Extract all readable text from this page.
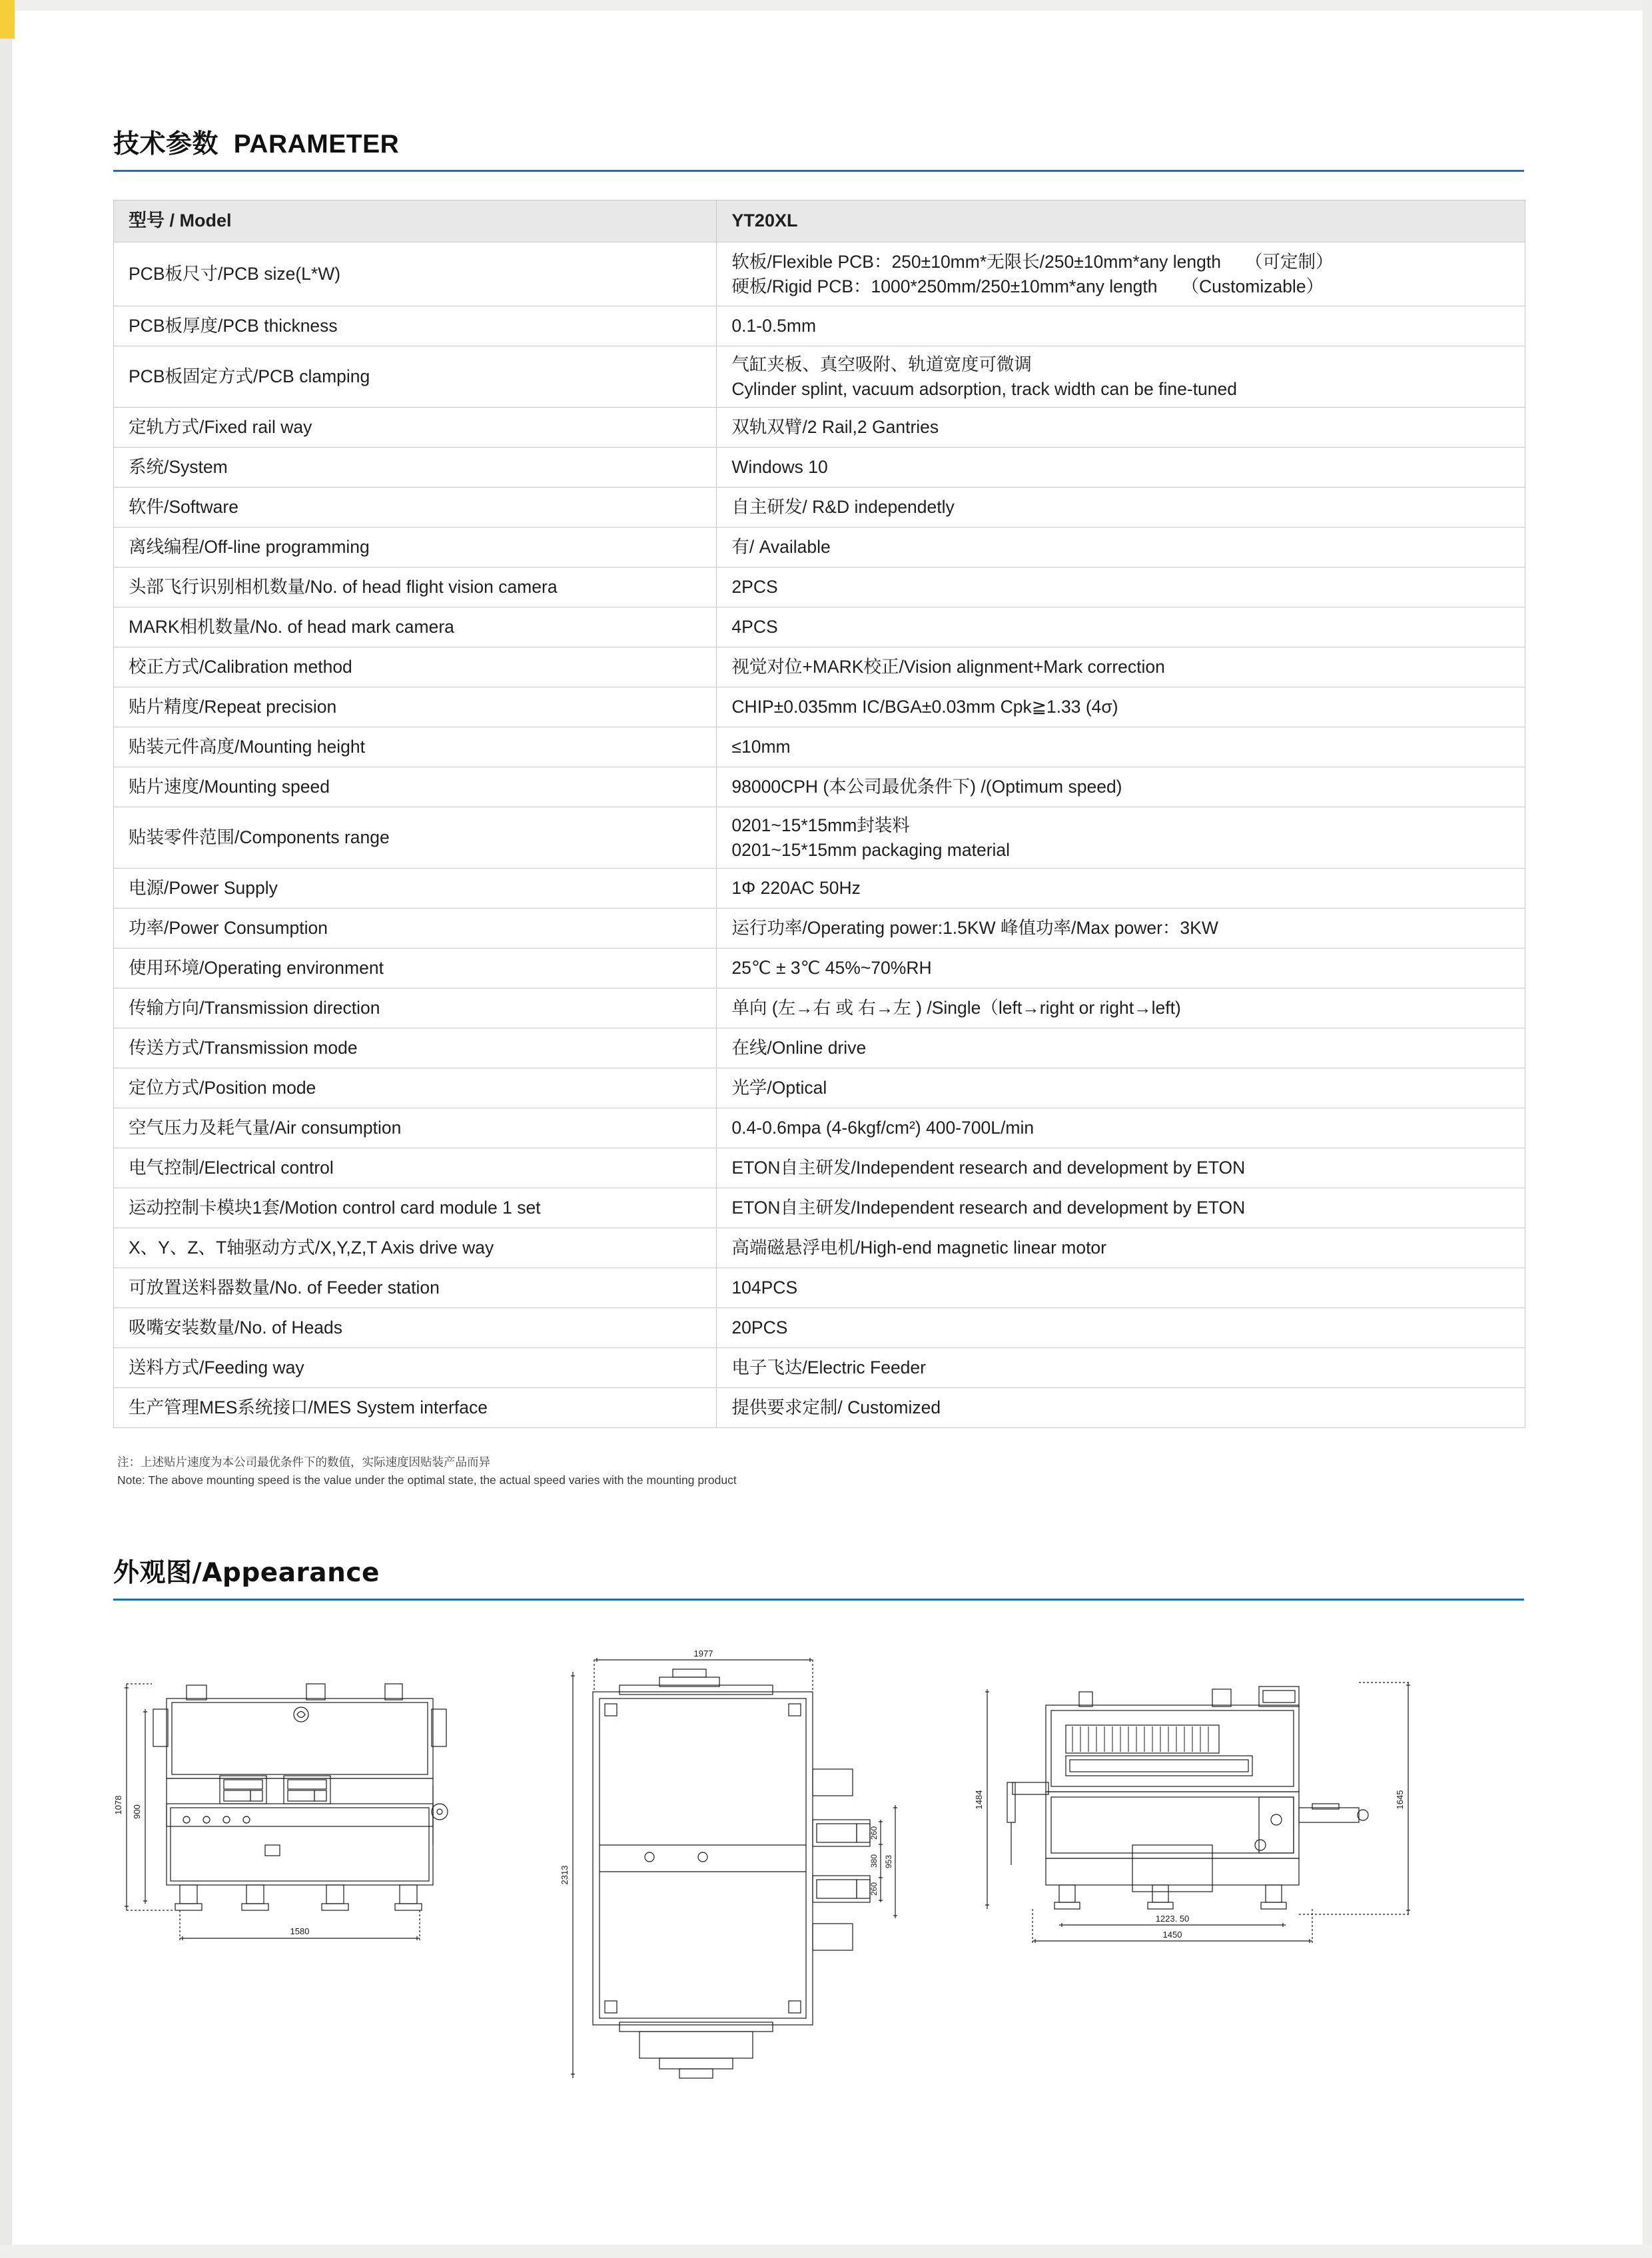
技术参数 PARAMETER
型号 / Model	YT20XL
PCB板尺寸/PCB size(L*W)	软板/Flexible PCB：250±10mm*无限长/250±10mm*any length （可定制）
硬板/Rigid PCB：1000*250mm/250±10mm*any length （Customizable）

PCB板厚度/PCB thickness	0.1-0.5mm
PCB板固定方式/PCB clamping	气缸夹板、真空吸附、轨道宽度可微调
Cylinder splint, vacuum adsorption, track width can be fine-tuned

定轨方式/Fixed rail way	双轨双臂/2 Rail,2 Gantries
系统/System	Windows 10
软件/Software	自主研发/ R&D independetly
离线编程/Off-line programming	有/ Available
头部飞行识别相机数量/No. of head flight vision camera	2PCS
MARK相机数量/No. of head mark camera	4PCS
校正方式/Calibration method	视觉对位+MARK校正/Vision alignment+Mark correction
贴片精度/Repeat precision	CHIP±0.035mm IC/BGA±0.03mm Cpk≧1.33 (4σ)
贴装元件高度/Mounting height	≤10mm
贴片速度/Mounting speed	98000CPH (本公司最优条件下) /(Optimum speed)
贴装零件范围/Components range	0201~15*15mm封装料
0201~15*15mm packaging material

电源/Power Supply	1Φ 220AC 50Hz
功率/Power Consumption	运行功率/Operating power:1.5KW 峰值功率/Max power：3KW
使用环境/Operating environment	25℃ ± 3℃ 45%~70%RH
传输方向/Transmission direction	单向 (左→右 或 右→左 ) /Single（left→right or right→left)
传送方式/Transmission mode	在线/Online drive
定位方式/Position mode	光学/Optical
空气压力及耗气量/Air consumption	0.4-0.6mpa (4-6kgf/cm²) 400-700L/min
电气控制/Electrical control	ETON自主研发/Independent research and development by ETON
运动控制卡模块1套/Motion control card module 1 set	ETON自主研发/Independent research and development by ETON
X、Y、Z、T轴驱动方式/X,Y,Z,T Axis drive way	高端磁悬浮电机/High-end magnetic linear motor
可放置送料器数量/No. of Feeder station	104PCS
吸嘴安装数量/No. of Heads	20PCS
送料方式/Feeding way	电子飞达/Electric Feeder
生产管理MES系统接口/MES System interface	提供要求定制/ Customized
注：上述贴片速度为本公司最优条件下的数值，实际速度因贴装产品而异
Note: The above mounting speed is the value under the optimal state, the actual speed varies with the mounting product
外观图/Appearance
1078 900
1580
1977
2313
260
380
260
953
1484	1645
1223. 50
1450
